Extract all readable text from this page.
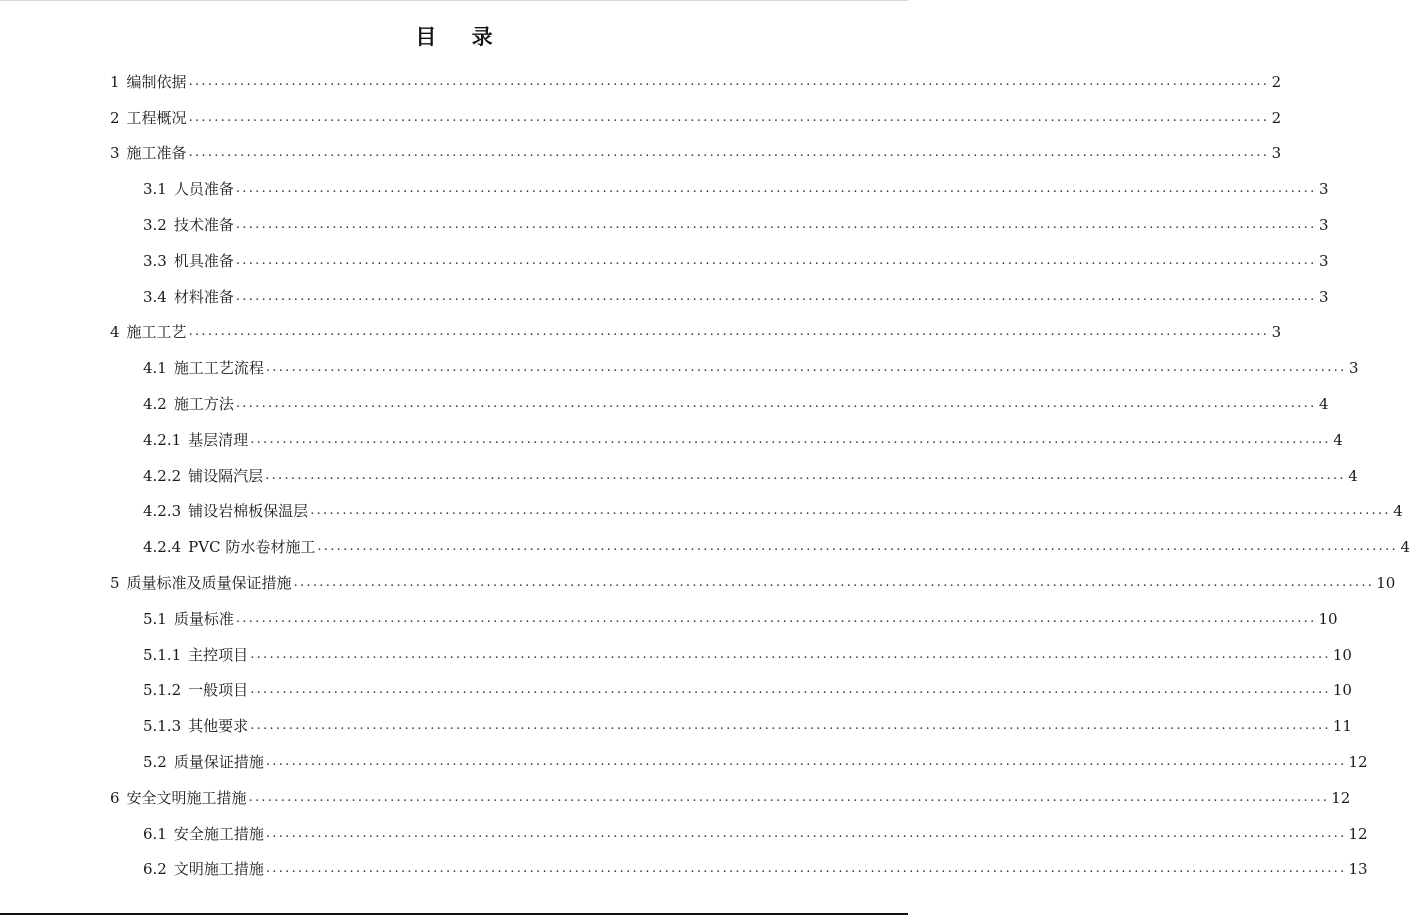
目 录
1 编制依据 ........................................................................................................................................................................ 2
2 工程概况 ........................................................................................................................................................................ 2
3 施工准备 ........................................................................................................................................................................ 3
3.1 人员准备 ........................................................................................................................................................................ 3
3.2 技术准备 ........................................................................................................................................................................ 3
3.3 机具准备 ........................................................................................................................................................................ 3
3.4 材料准备 ........................................................................................................................................................................ 3
4 施工工艺 ........................................................................................................................................................................ 3
4.1 施工工艺流程 ........................................................................................................................................................................ 3
4.2 施工方法 ........................................................................................................................................................................ 4
4.2.1 基层清理 ........................................................................................................................................................................ 4
4.2.2 铺设隔汽层 ........................................................................................................................................................................ 4
4.2.3 铺设岩棉板保温层 ........................................................................................................................................................................ 4
4.2.4 PVC 防水卷材施工 ........................................................................................................................................................................ 4
5 质量标准及质量保证措施 ........................................................................................................................................................................ 10
5.1 质量标准 ........................................................................................................................................................................ 10
5.1.1 主控项目 ........................................................................................................................................................................ 10
5.1.2 一般项目 ........................................................................................................................................................................ 10
5.1.3 其他要求 ........................................................................................................................................................................ 11
5.2 质量保证措施 ........................................................................................................................................................................ 12
6 安全文明施工措施 ........................................................................................................................................................................ 12
6.1 安全施工措施 ........................................................................................................................................................................ 12
6.2 文明施工措施 ........................................................................................................................................................................ 13
